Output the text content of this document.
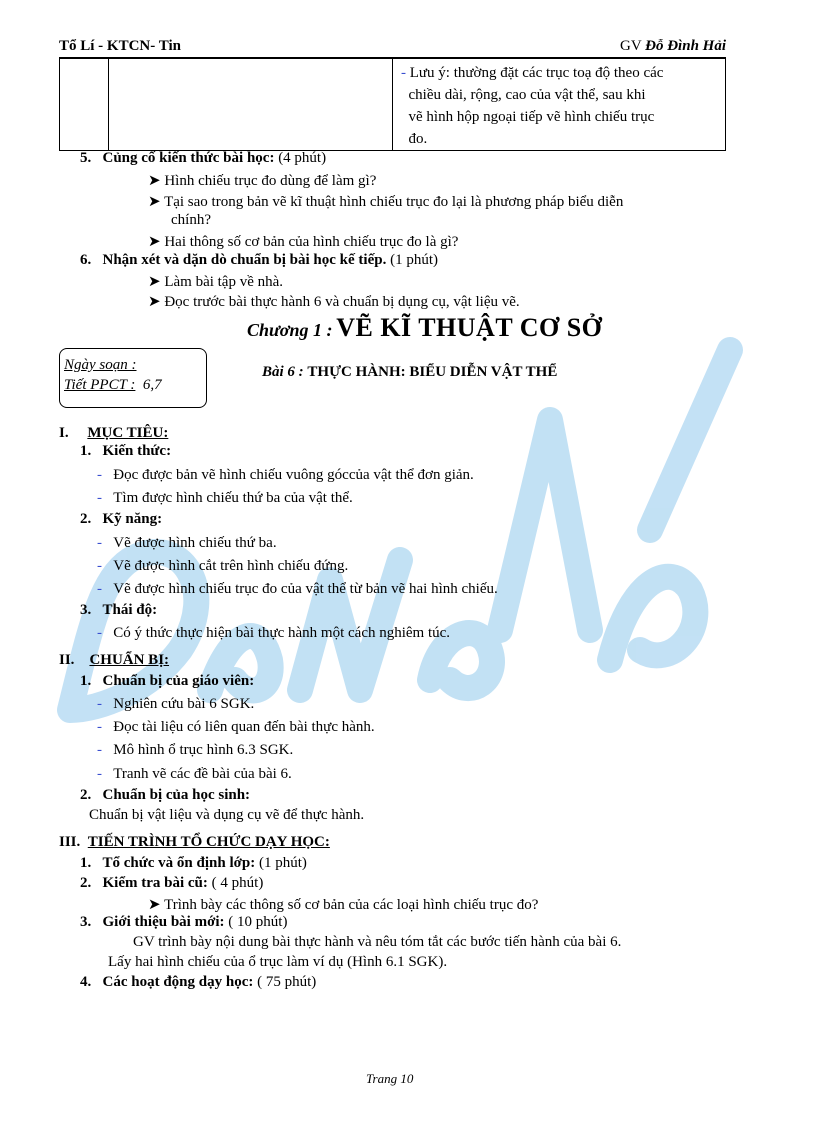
Tổ Lí - KTCN- Tin	GV Đỗ Đình Hải
		- Lưu ý: thường đặt các trục toạ độ theo các
chiều dài, rộng, cao của vật thể, sau khi
vẽ hình hộp ngoại tiếp vẽ hình chiếu trục
đo.
5. Củng cố kiến thức bài học: (4 phút)
➤ Hình chiếu trục đo dùng để làm gì?
➤ Tại sao trong bản vẽ kĩ thuật hình chiếu trục đo lại là phương pháp biểu diễn
chính?
➤ Hai thông số cơ bản của hình chiếu trục đo là gì?
6. Nhận xét và dặn dò chuẩn bị bài học kế tiếp. (1 phút)
➤ Làm bài tập về nhà.
➤ Đọc trước bài thực hành 6 và chuẩn bị dụng cụ, vật liệu vẽ.
Chương 1 : VẼ KĨ THUẬT CƠ SỞ
Ngày soạn :
Tiết PPCT : 6,7
Bài 6 : THỰC HÀNH: BIỂU DIỄN VẬT THỂ
I. MỤC TIÊU:
1. Kiến thức:
- Đọc được bản vẽ hình chiếu vuông góccủa vật thể đơn giản.
- Tìm được hình chiếu thứ ba của vật thể.
2. Kỹ năng:
- Vẽ được hình chiếu thứ ba.
- Vẽ được hình cắt trên hình chiếu đứng.
- Vẽ được hình chiếu trục đo của vật thể từ bản vẽ hai hình chiếu.
3. Thái độ:
- Có ý thức thực hiện bài thực hành một cách nghiêm túc.
II. CHUẨN BỊ:
1. Chuẩn bị của giáo viên:
- Nghiên cứu bài 6 SGK.
- Đọc tài liệu có liên quan đến bài thực hành.
- Mô hình ổ trục hình 6.3 SGK.
- Tranh vẽ các đề bài của bài 6.
2. Chuẩn bị của học sinh:
Chuẩn bị vật liệu và dụng cụ vẽ để thực hành.
III. TIẾN TRÌNH TỔ CHỨC DẠY HỌC:
1. Tổ chức và ổn định lớp: (1 phút)
2. Kiểm tra bài cũ: ( 4 phút)
➤ Trình bày các thông số cơ bản của các loại hình chiếu trục đo?
3. Giới thiệu bài mới: ( 10 phút)
GV trình bày nội dung bài thực hành và nêu tóm tắt các bước tiến hành của bài 6.
Lấy hai hình chiếu của ổ trục làm ví dụ (Hình 6.1 SGK).
4. Các hoạt động dạy học: ( 75 phút)
Trang 10
